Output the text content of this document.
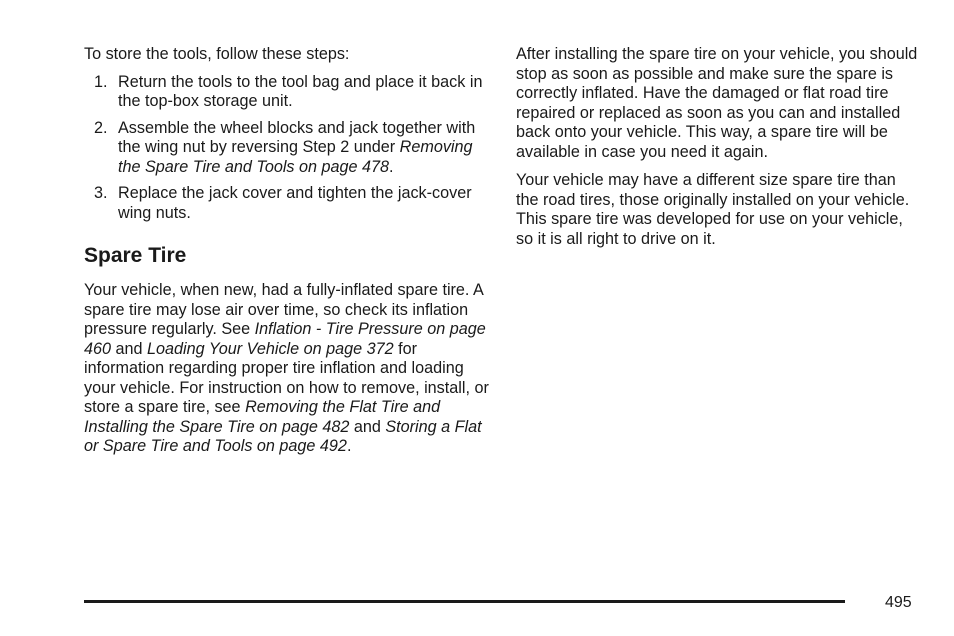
To store the tools, follow these steps:

1. Return the tools to the tool bag and place it back in the top-box storage unit.
2. Assemble the wheel blocks and jack together with the wing nut by reversing Step 2 under Removing the Spare Tire and Tools on page 478.
3. Replace the jack cover and tighten the jack-cover wing nuts.
Spare Tire

Your vehicle, when new, had a fully-inflated spare tire. A spare tire may lose air over time, so check its inflation pressure regularly. See Inflation - Tire Pressure on page 460 and Loading Your Vehicle on page 372 for information regarding proper tire inflation and loading your vehicle. For instruction on how to remove, install, or store a spare tire, see Removing the Flat Tire and Installing the Spare Tire on page 482 and Storing a Flat or Spare Tire and Tools on page 492.

After installing the spare tire on your vehicle, you should stop as soon as possible and make sure the spare is correctly inflated. Have the damaged or flat road tire repaired or replaced as soon as you can and installed back onto your vehicle. This way, a spare tire will be available in case you need it again.

Your vehicle may have a different size spare tire than the road tires, those originally installed on your vehicle. This spare tire was developed for use on your vehicle, so it is all right to drive on it.

495
